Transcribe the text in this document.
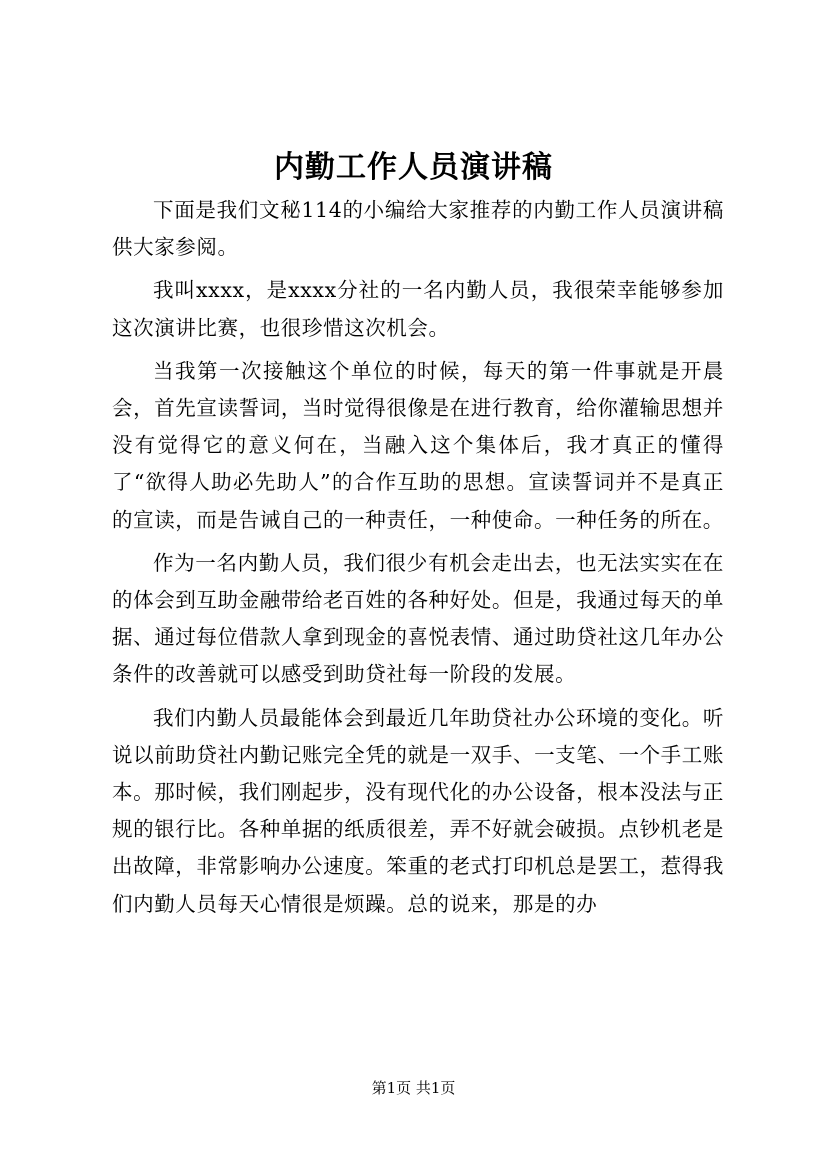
内勤工作人员演讲稿

下面是我们文秘114的小编给大家推荐的内勤工作人员演讲稿供大家参阅。

我叫xxxx，是xxxx分社的一名内勤人员，我很荣幸能够参加这次演讲比赛，也很珍惜这次机会。

当我第一次接触这个单位的时候，每天的第一件事就是开晨会，首先宣读誓词，当时觉得很像是在进行教育，给你灌输思想并没有觉得它的意义何在，当融入这个集体后，我才真正的懂得了“欲得人助必先助人”的合作互助的思想。宣读誓词并不是真正的宣读，而是告诫自己的一种责任，一种使命。一种任务的所在。

作为一名内勤人员，我们很少有机会走出去，也无法实实在在的体会到互助金融带给老百姓的各种好处。但是，我通过每天的单据、通过每位借款人拿到现金的喜悦表情、通过助贷社这几年办公条件的改善就可以感受到助贷社每一阶段的发展。

我们内勤人员最能体会到最近几年助贷社办公环境的变化。听说以前助贷社内勤记账完全凭的就是一双手、一支笔、一个手工账本。那时候，我们刚起步，没有现代化的办公设备，根本没法与正规的银行比。各种单据的纸质很差，弄不好就会破损。点钞机老是出故障，非常影响办公速度。笨重的老式打印机总是罢工，惹得我们内勤人员每天心情很是烦躁。总的说来，那是的办

第1页 共1页
